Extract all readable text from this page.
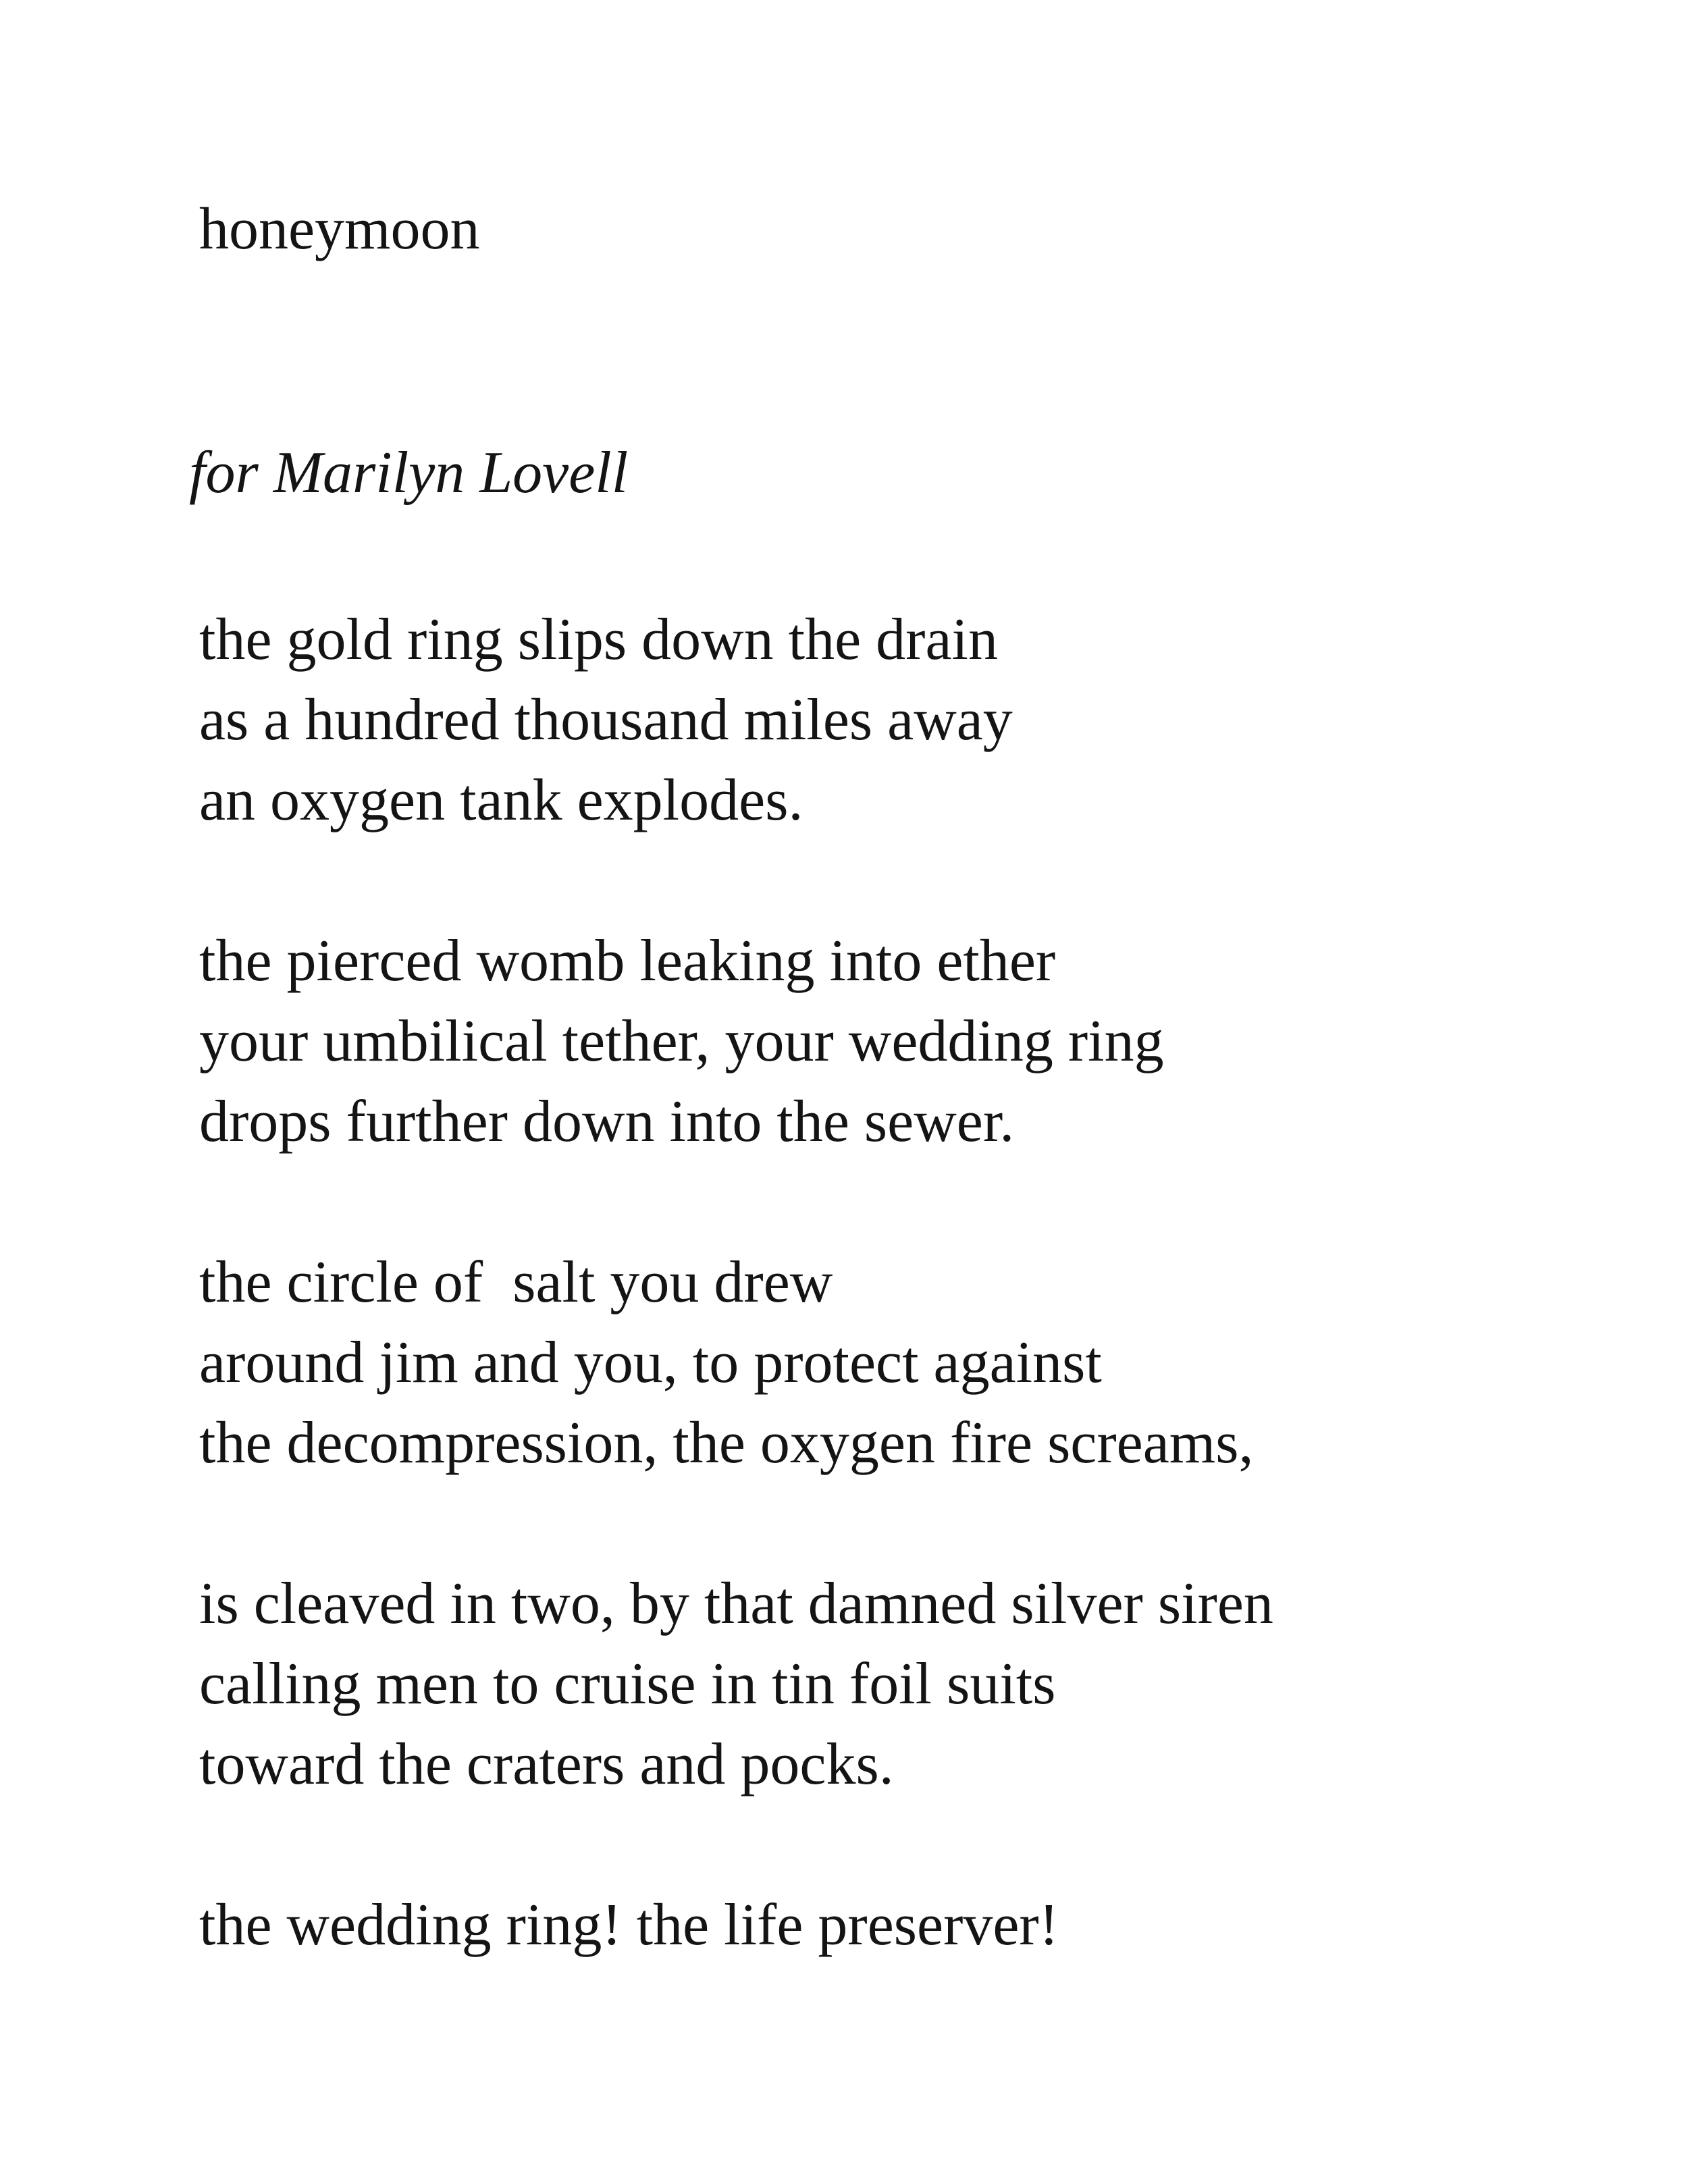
honeymoon

for Marilyn Lovell

the gold ring slips down the drain
as a hundred thousand miles away
an oxygen tank explodes.
the pierced womb leaking into ether
your umbilical tether, your wedding ring
drops further down into the sewer.
the circle of  salt you drew
around jim and you, to protect against
the decompression, the oxygen fire screams,
is cleaved in two, by that damned silver siren
calling men to cruise in tin foil suits
toward the craters and pocks.
the wedding ring! the life preserver!
